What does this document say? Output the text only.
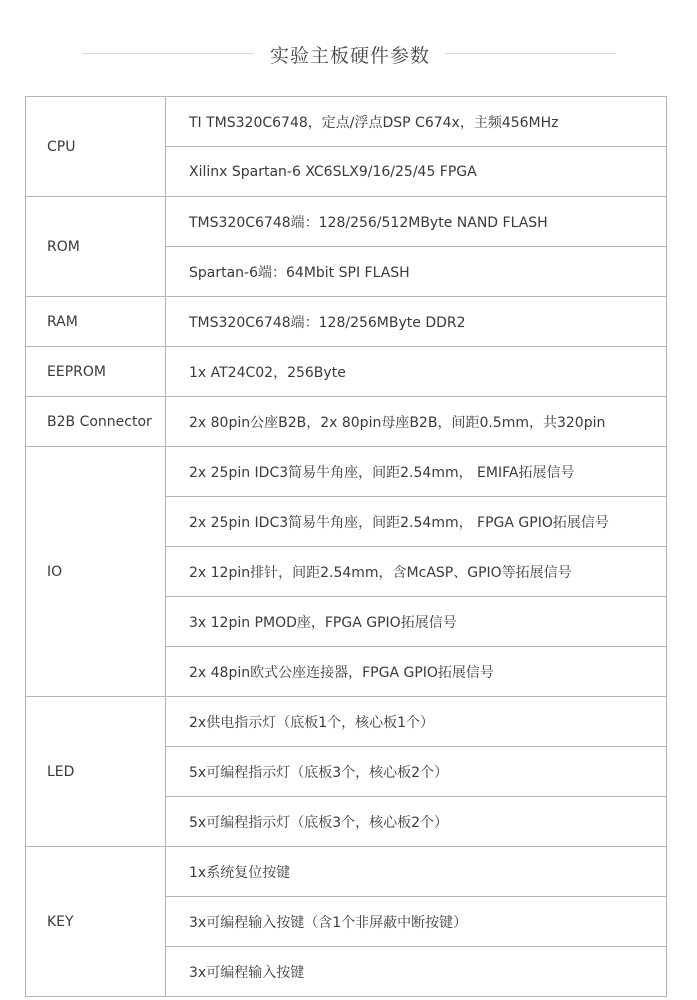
实验主板硬件参数
CPU	TI TMS320C6748，定点/浮点DSP C674x，主频456MHz
	Xilinx Spartan-6 XC6SLX9/16/25/45 FPGA
ROM	TMS320C6748端：128/256/512MByte NAND FLASH
	Spartan-6端：64Mbit SPI FLASH
RAM	TMS320C6748端：128/256MByte DDR2
EEPROM	1x AT24C02，256Byte
B2B Connector	2x 80pin公座B2B，2x 80pin母座B2B，间距0.5mm，共320pin
IO	2x 25pin IDC3简易牛角座，间距2.54mm， EMIFA拓展信号
	2x 25pin IDC3简易牛角座，间距2.54mm， FPGA GPIO拓展信号
	2x 12pin排针，间距2.54mm，含McASP、GPIO等拓展信号
	3x 12pin PMOD座，FPGA GPIO拓展信号
	2x 48pin欧式公座连接器，FPGA GPIO拓展信号
LED	2x供电指示灯（底板1个，核心板1个）
	5x可编程指示灯（底板3个，核心板2个）
	5x可编程指示灯（底板3个，核心板2个）
KEY	1x系统复位按键
	3x可编程输入按键（含1个非屏蔽中断按键）
	3x可编程输入按键
